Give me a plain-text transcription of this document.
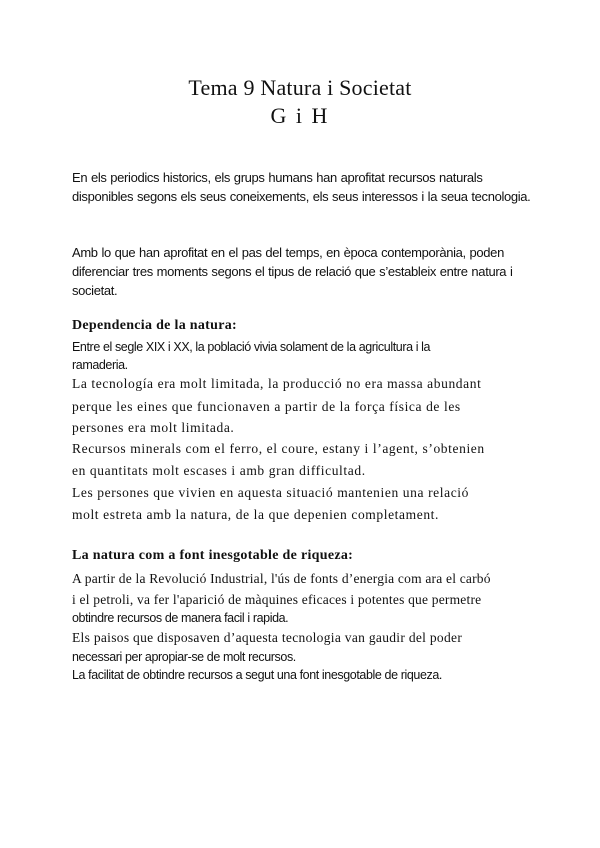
Tema 9 Natura i Societat
G i H
En els periodics historics, els grups humans han aprofitat recursos naturals disponibles segons els seus coneixements, els seus interessos i la seua tecnologia.
Amb lo que han aprofitat en el pas del temps, en època contemporània, poden diferenciar tres moments segons el tipus de relació que s’estableix entre natura i societat.
Dependencia de la natura:
Entre el segle XIX i XX, la població vivia solament de la agricultura i la
ramaderia.
La tecnología era molt limitada, la producció no era massa abundant
perque les eines que funcionaven a partir de la força física de les
persones era molt limitada.
Recursos minerals com el ferro, el coure, estany i l’agent, s’obtenien
en quantitats molt escases i amb gran difficultad.
Les persones que vivien en aquesta situació mantenien una relació
molt estreta amb la natura, de la que depenien completament.
La natura com a font inesgotable de riqueza:
A partir de la Revolució Industrial, l'ús de fonts d’energia com ara el carbó
i el petroli, va fer l'aparició de màquines eficaces i potentes que permetre
obtindre recursos de manera facil i rapida.
Els paisos que disposaven d’aquesta tecnologia van gaudir del poder
necessari per apropiar-se de molt recursos.
La facilitat de obtindre recursos a segut una font inesgotable de riqueza.
